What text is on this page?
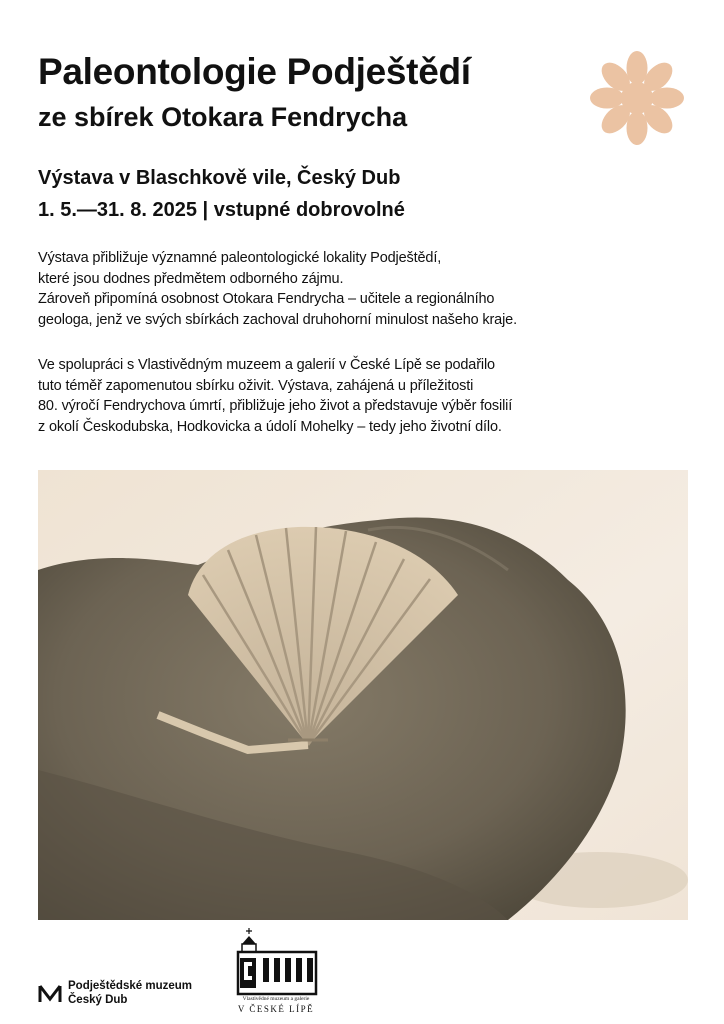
Paleontologie Podještědí
ze sbírek Otokara Fendrycha

Výstava v Blaschkově vile, Český Dub

1. 5.—31. 8. 2025 | vstupné dobrovolné

Výstava přibližuje významné paleontologické lokality Podještědí,
které jsou dodnes předmětem odborného zájmu.
Zároveň připomíná osobnost Otokara Fendrycha – učitele a regionálního
geologa, jenž ve svých sbírkách zachoval druhohorní minulost našeho kraje.
Ve spolupráci s Vlastivědným muzeem a galerií v České Lípě se podařilo
tuto téměř zapomenutou sbírku oživit. Výstava, zahájená u příležitosti
80. výročí Fendrychova úmrtí, přibližuje jeho život a představuje výběr fosilií
z okolí Českodubska, Hodkovicka a údolí Mohelky – tedy jeho životní dílo.
Podještědské muzeum
Český Dub	Vlastivědné muzeum a galerie
V ČESKÉ LÍPĚ
